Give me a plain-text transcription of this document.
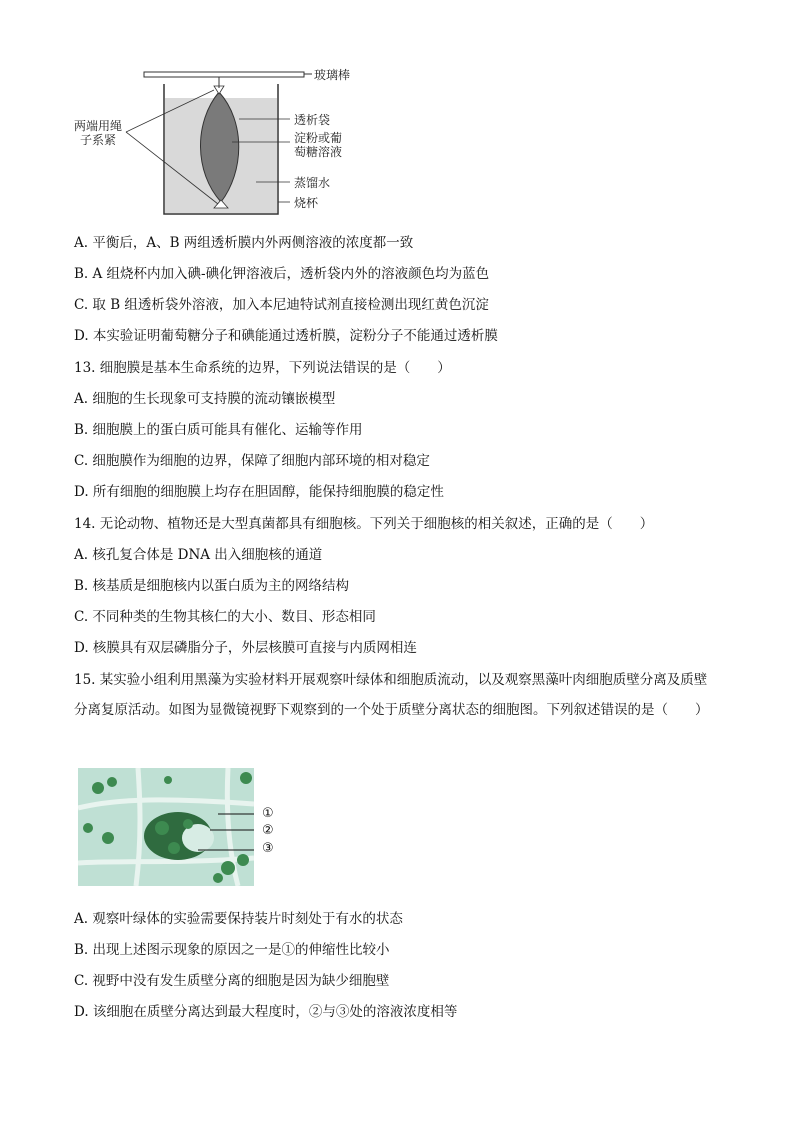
玻璃棒
两端用绳
子系紧
透析袋
淀粉或葡
萄糖溶液
蒸馏水
烧杯
A. 平衡后，A、B 两组透析膜内外两侧溶液的浓度都一致
B. A 组烧杯内加入碘-碘化钾溶液后，透析袋内外的溶液颜色均为蓝色
C. 取 B 组透析袋外溶液，加入本尼迪特试剂直接检测出现红黄色沉淀
D. 本实验证明葡萄糖分子和碘能通过透析膜，淀粉分子不能通过透析膜
13. 细胞膜是基本生命系统的边界，下列说法错误的是（　　）
A. 细胞的生长现象可支持膜的流动镶嵌模型
B. 细胞膜上的蛋白质可能具有催化、运输等作用
C. 细胞膜作为细胞的边界，保障了细胞内部环境的相对稳定
D. 所有细胞的细胞膜上均存在胆固醇，能保持细胞膜的稳定性
14. 无论动物、植物还是大型真菌都具有细胞核。下列关于细胞核的相关叙述，正确的是（　　）
A. 核孔复合体是 DNA 出入细胞核的通道
B. 核基质是细胞核内以蛋白质为主的网络结构
C. 不同种类的生物其核仁的大小、数目、形态相同
D. 核膜具有双层磷脂分子，外层核膜可直接与内质网相连
15. 某实验小组利用黑藻为实验材料开展观察叶绿体和细胞质流动，以及观察黑藻叶肉细胞质壁分离及质壁分离复原活动。如图为显微镜视野下观察到的一个处于质壁分离状态的细胞图。下列叙述错误的是（　　）
①
②
③
A. 观察叶绿体的实验需要保持装片时刻处于有水的状态
B. 出现上述图示现象的原因之一是①的伸缩性比较小
C. 视野中没有发生质壁分离的细胞是因为缺少细胞壁
D. 该细胞在质壁分离达到最大程度时，②与③处的溶液浓度相等
